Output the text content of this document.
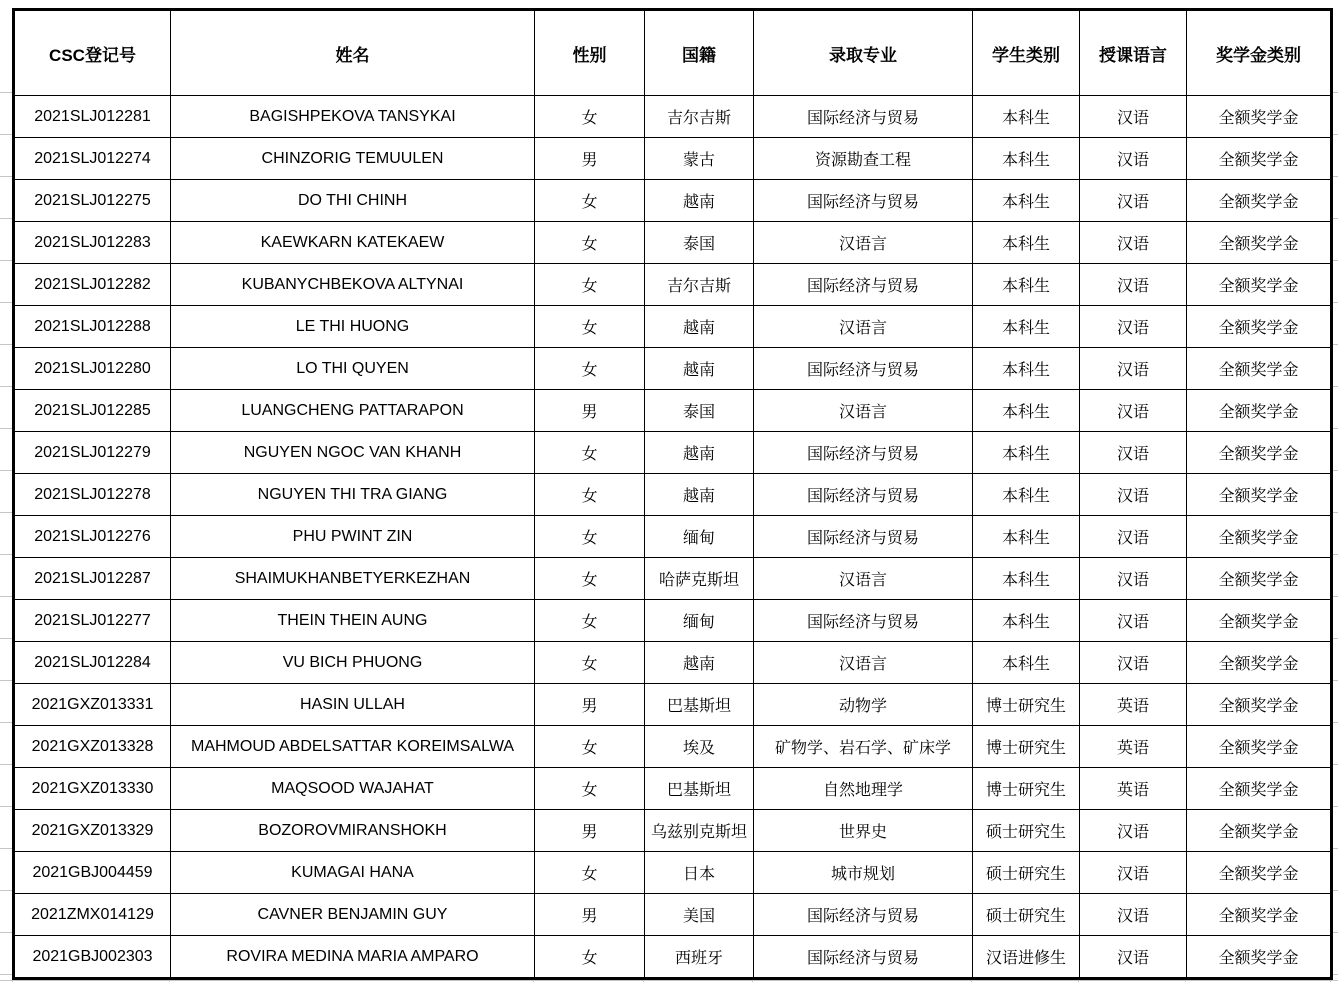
CSC登记号	姓名	性别	国籍	录取专业	学生类别	授课语言	奖学金类别
2021SLJ012281	BAGISHPEKOVA TANSYKAI	女	吉尔吉斯	国际经济与贸易	本科生	汉语	全额奖学金
2021SLJ012274	CHINZORIG TEMUULEN	男	蒙古	资源勘查工程	本科生	汉语	全额奖学金
2021SLJ012275	DO THI CHINH	女	越南	国际经济与贸易	本科生	汉语	全额奖学金
2021SLJ012283	KAEWKARN KATEKAEW	女	泰国	汉语言	本科生	汉语	全额奖学金
2021SLJ012282	KUBANYCHBEKOVA ALTYNAI	女	吉尔吉斯	国际经济与贸易	本科生	汉语	全额奖学金
2021SLJ012288	LE THI HUONG	女	越南	汉语言	本科生	汉语	全额奖学金
2021SLJ012280	LO THI QUYEN	女	越南	国际经济与贸易	本科生	汉语	全额奖学金
2021SLJ012285	LUANGCHENG PATTARAPON	男	泰国	汉语言	本科生	汉语	全额奖学金
2021SLJ012279	NGUYEN NGOC VAN KHANH	女	越南	国际经济与贸易	本科生	汉语	全额奖学金
2021SLJ012278	NGUYEN THI TRA GIANG	女	越南	国际经济与贸易	本科生	汉语	全额奖学金
2021SLJ012276	PHU PWINT ZIN	女	缅甸	国际经济与贸易	本科生	汉语	全额奖学金
2021SLJ012287	SHAIMUKHANBETYERKEZHAN	女	哈萨克斯坦	汉语言	本科生	汉语	全额奖学金
2021SLJ012277	THEIN THEIN AUNG	女	缅甸	国际经济与贸易	本科生	汉语	全额奖学金
2021SLJ012284	VU BICH PHUONG	女	越南	汉语言	本科生	汉语	全额奖学金
2021GXZ013331	HASIN ULLAH	男	巴基斯坦	动物学	博士研究生	英语	全额奖学金
2021GXZ013328	MAHMOUD ABDELSATTAR KOREIMSALWA	女	埃及	矿物学、岩石学、矿床学	博士研究生	英语	全额奖学金
2021GXZ013330	MAQSOOD WAJAHAT	女	巴基斯坦	自然地理学	博士研究生	英语	全额奖学金
2021GXZ013329	BOZOROVMIRANSHOKH	男	乌兹别克斯坦	世界史	硕士研究生	汉语	全额奖学金
2021GBJ004459	KUMAGAI HANA	女	日本	城市规划	硕士研究生	汉语	全额奖学金
2021ZMX014129	CAVNER BENJAMIN GUY	男	美国	国际经济与贸易	硕士研究生	汉语	全额奖学金
2021GBJ002303	ROVIRA MEDINA MARIA AMPARO	女	西班牙	国际经济与贸易	汉语进修生	汉语	全额奖学金
